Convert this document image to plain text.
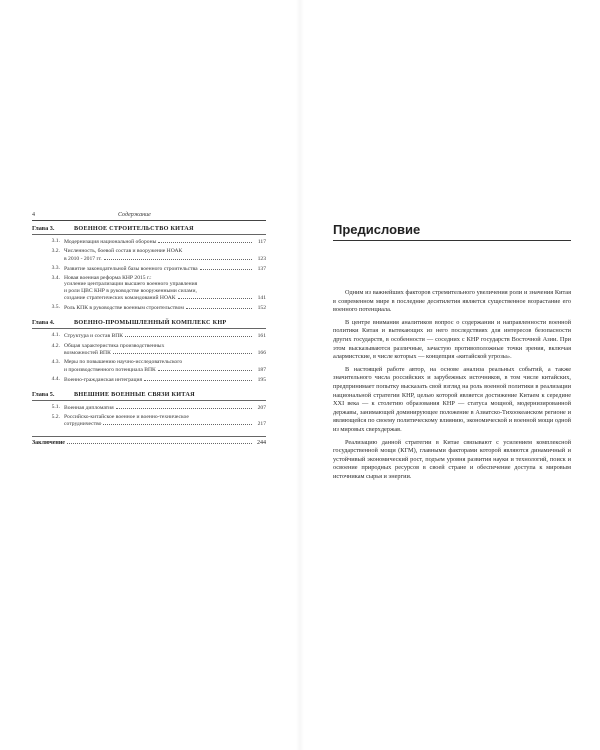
4	Содержание
Глава 3.	ВОЕННОЕ СТРОИТЕЛЬСТВО КИТАЯ
3.1. Модернизация национальной обороны	117
3.2. Численность, боевой состав и вооружение НОАК
в 2010 - 2017 гг.	123
3.3. Развитие законодательной базы военного строительства	137
3.4. Новая военная реформа КНР 2015 г.:
усиление централизации высшего военного управления
и роли ЦВС КНР в руководстве вооруженными силами,
создание стратегических командований НОАК	141
3.5. Роль КПК в руководстве военным строительством	152
Глава 4.	ВОЕННО-ПРОМЫШЛЕННЫЙ КОМПЛЕКС КНР
4.1. Структура и состав ВПК	161
4.2. Общая характеристика производственных
возможностей ВПК	166
4.3. Меры по повышению научно-исследовательского
и производственного потенциала ВПК	187
4.4. Военно-гражданская интеграция	195
Глава 5.	ВНЕШНИЕ ВОЕННЫЕ СВЯЗИ КИТАЯ
5.1. Военная дипломатия	207
5.2. Российско-китайское военное и военно-техническое
сотрудничество	217
Заключение	244
Предисловие

Одним из важнейших факторов стремительного увеличения роли и значения Китая в современном мире в последние десятилетия является существенное возрастание его военного потенциала.

В центре внимания аналитиков вопрос о содержании и направленности военной политики Китая и вытекающих из него последствиях для интересов безопасности других государств, в особенности — соседних с КНР государств Восточной Азии. При этом высказываются различные, зачастую противоположные точки зрения, включая алармистские, в числе которых — концепция «китайской угрозы».

В настоящей работе автор, на основе анализа реальных событий, а также значительного числа российских и зарубежных источников, в том числе китайских, предпринимает попытку высказать свой взгляд на роль военной политики в реализации национальной стратегии КНР, целью которой является достижение Китаем к середине XXI века — к столетию образования КНР — статуса мощной, модернизированной державы, занимающей доминирующее положение в Азиатско-Тихоокеанском регионе и являющейся по своему политическому влиянию, экономической и военной мощи одной из мировых сверхдержав.

Реализацию данной стратегии в Китае связывают с усилением комплексной государственной мощи (КГМ), главными факторами которой являются динамичный и устойчивый экономический рост, подъем уровня развития науки и технологий, поиск и освоение природных ресурсов в своей стране и обеспечение доступа к мировым источникам сырья и энергии.
